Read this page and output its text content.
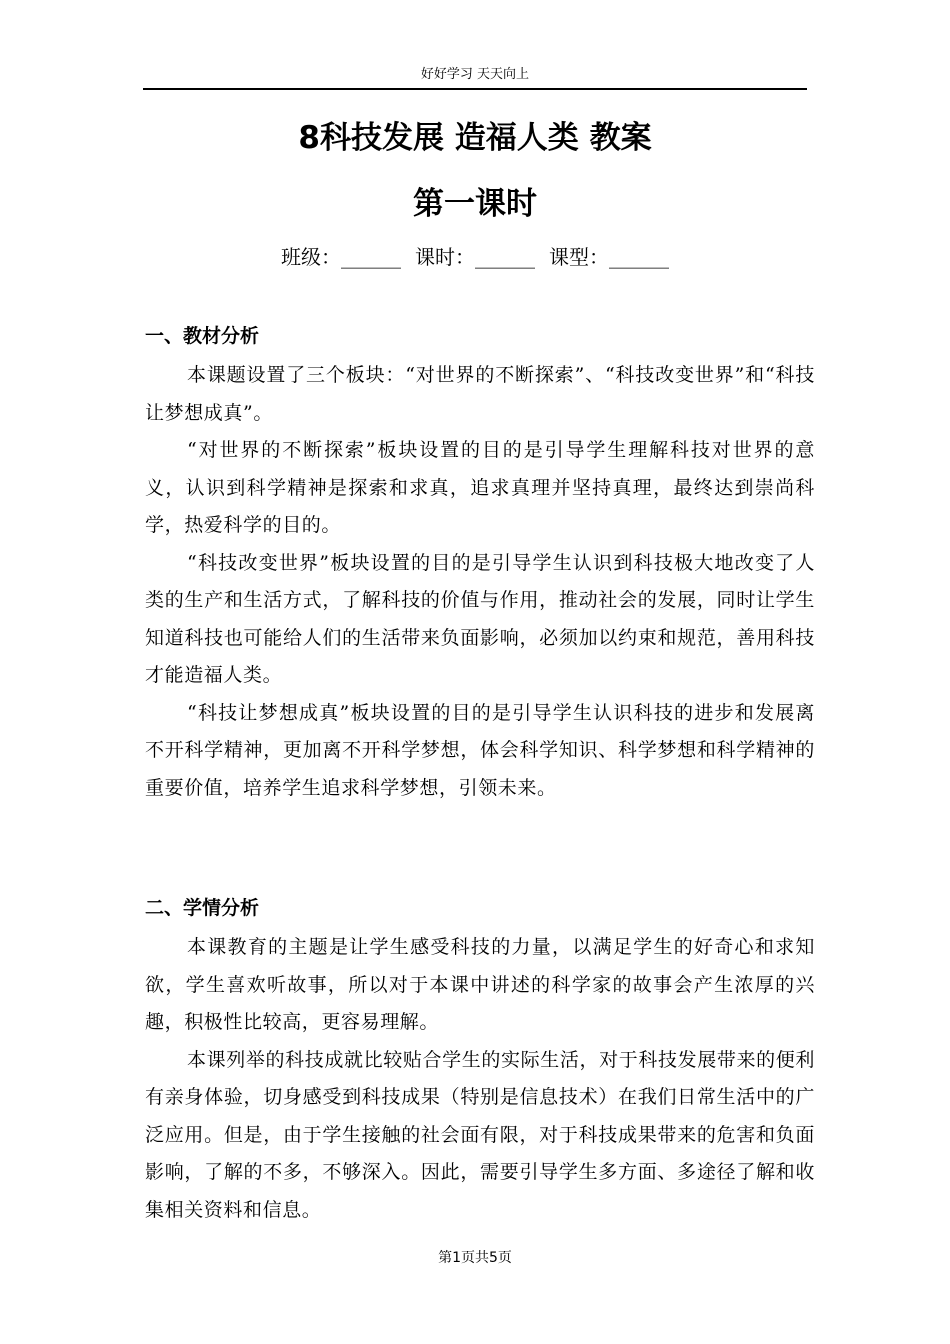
好好学习 天天向上
8科技发展 造福人类 教案
第一课时
班级：______ 课时：______ 课型：______
一、教材分析

本课题设置了三个板块：“对世界的不断探索”、“科技改变世界”和“科技让梦想成真”。

“对世界的不断探索”板块设置的目的是引导学生理解科技对世界的意义，认识到科学精神是探索和求真，追求真理并坚持真理，最终达到崇尚科学，热爱科学的目的。

“科技改变世界”板块设置的目的是引导学生认识到科技极大地改变了人类的生产和生活方式，了解科技的价值与作用，推动社会的发展，同时让学生知道科技也可能给人们的生活带来负面影响，必须加以约束和规范，善用科技才能造福人类。

“科技让梦想成真”板块设置的目的是引导学生认识科技的进步和发展离不开科学精神，更加离不开科学梦想，体会科学知识、科学梦想和科学精神的重要价值，培养学生追求科学梦想，引领未来。

二、学情分析

本课教育的主题是让学生感受科技的力量，以满足学生的好奇心和求知欲，学生喜欢听故事，所以对于本课中讲述的科学家的故事会产生浓厚的兴趣，积极性比较高，更容易理解。

本课列举的科技成就比较贴合学生的实际生活，对于科技发展带来的便利有亲身体验，切身感受到科技成果（特别是信息技术）在我们日常生活中的广泛应用。但是，由于学生接触的社会面有限，对于科技成果带来的危害和负面影响，了解的不多，不够深入。因此，需要引导学生多方面、多途径了解和收集相关资料和信息。

第1页共5页
